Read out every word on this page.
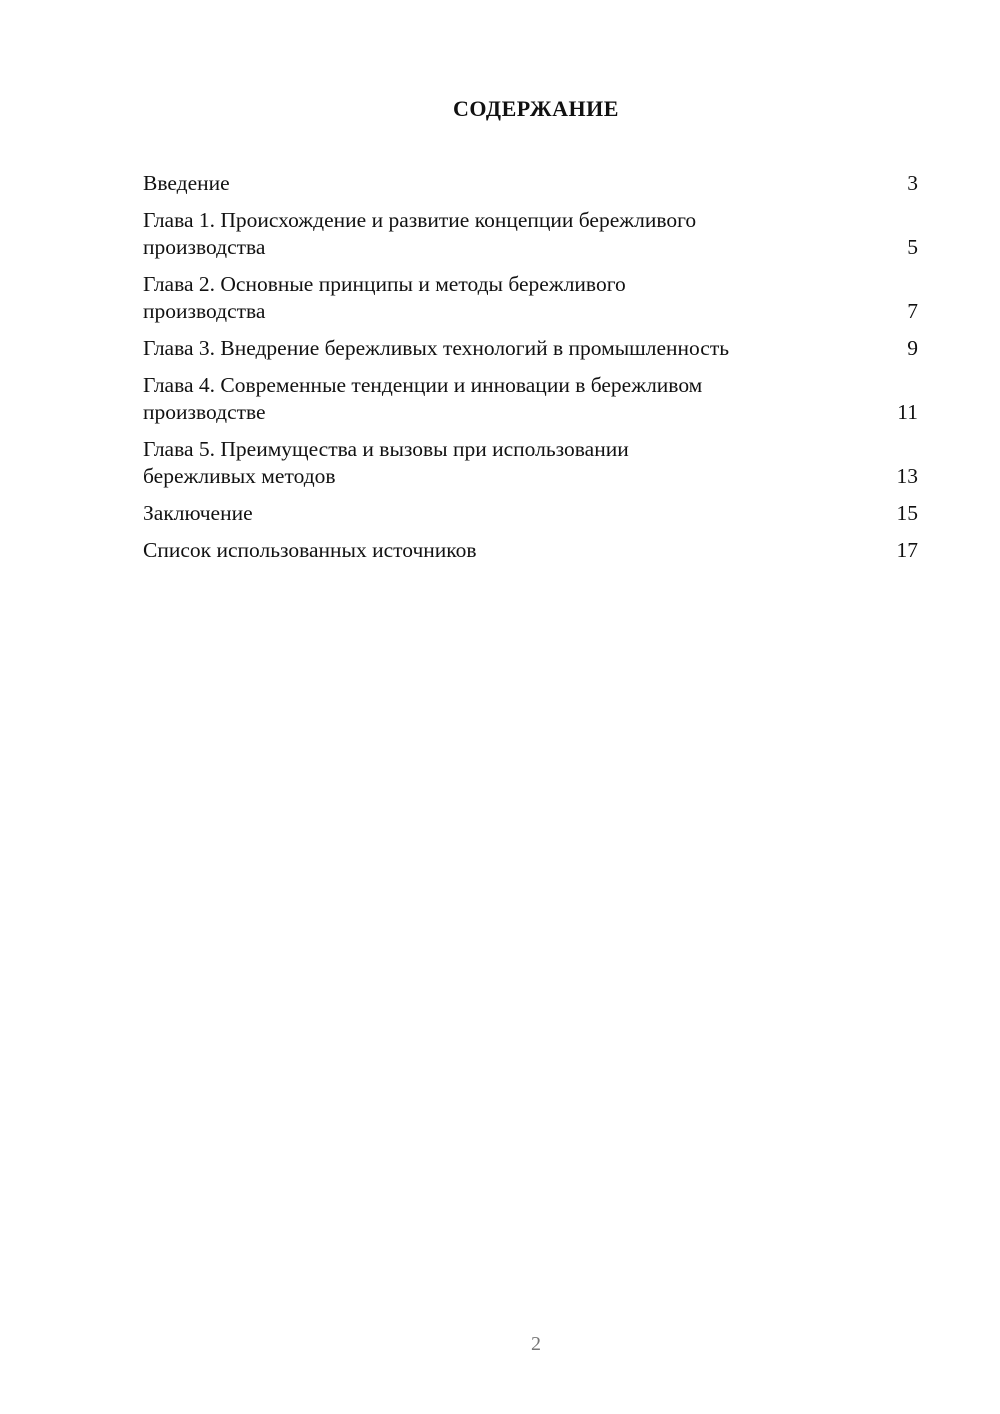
СОДЕРЖАНИЕ
Введение	3
Глава 1. Происхождение и развитие концепции бережливого
производства	5
Глава 2. Основные принципы и методы бережливого
производства	7
Глава 3. Внедрение бережливых технологий в промышленность	9
Глава 4. Современные тенденции и инновации в бережливом
производстве	11
Глава 5. Преимущества и вызовы при использовании
бережливых методов	13
Заключение	15
Список использованных источников	17
2
